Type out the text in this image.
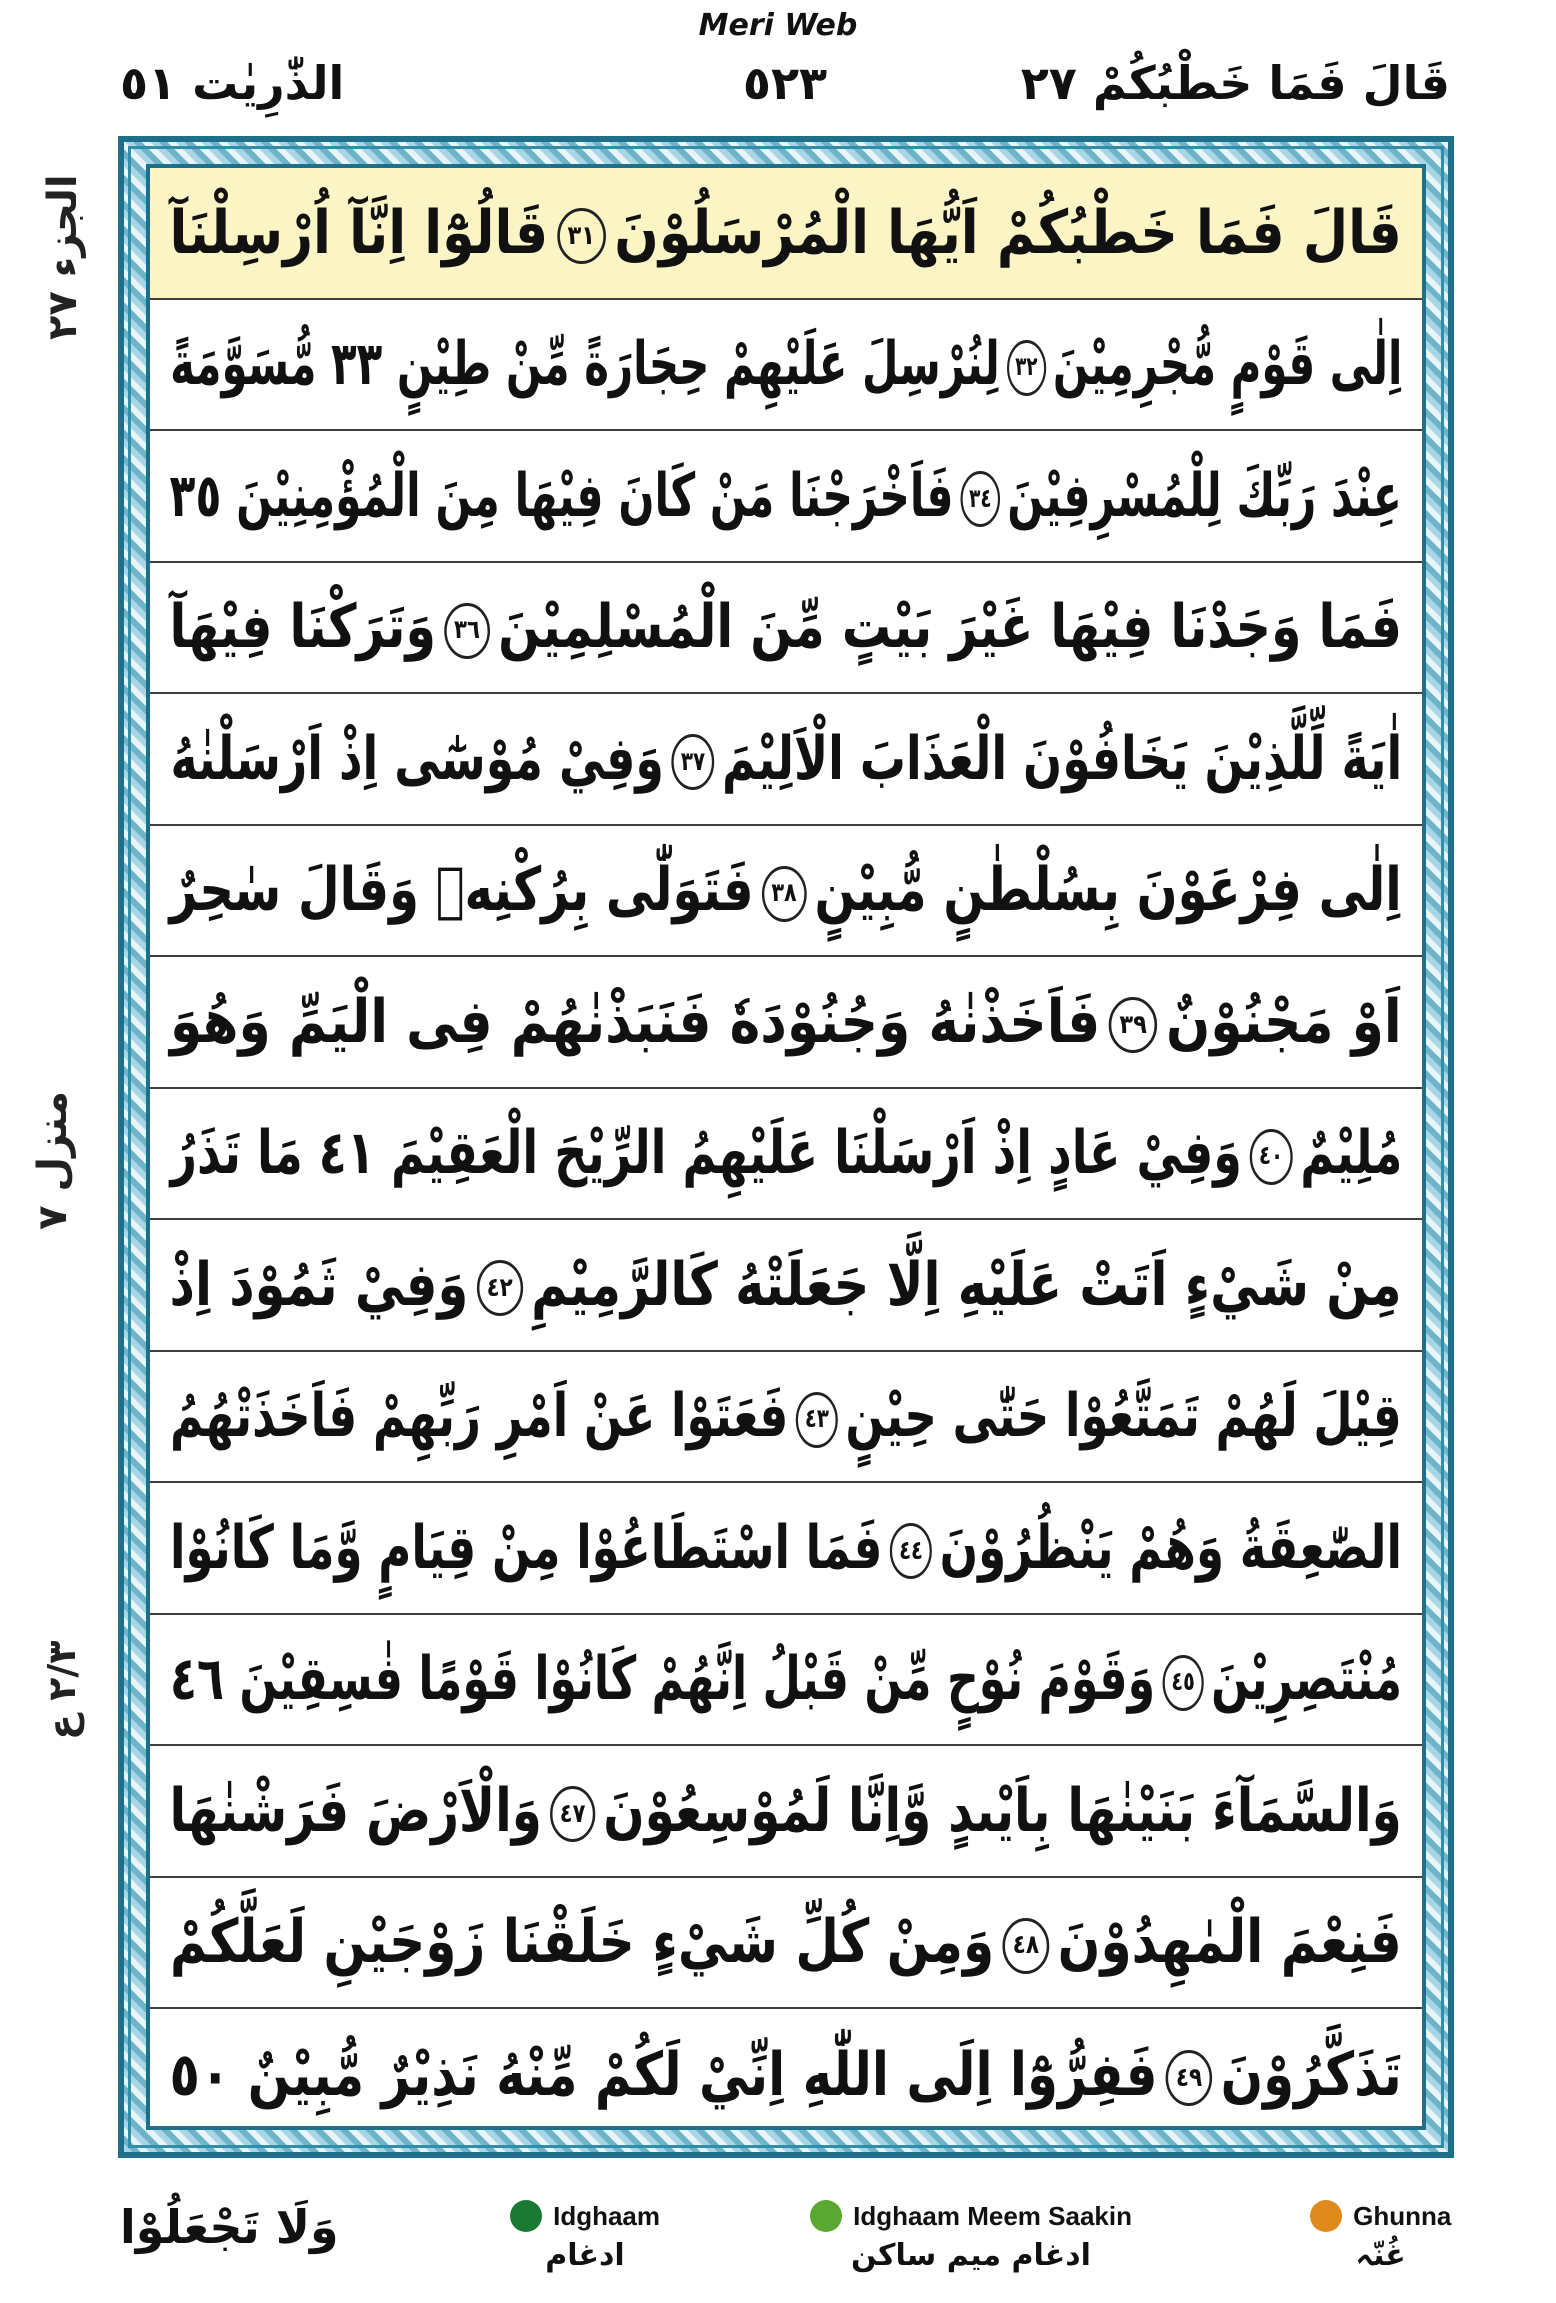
Meri Web
قَالَ فَمَا خَطْبُكُمْ ٢٧
٥٢٣
الذّٰرِيٰت ٥١
الجزء ٢٧
منزل ٧
٢/٣ ع
قَالَ فَمَا خَطْبُكُمْ اَيُّهَا الْمُرْسَلُوْنَ٣١قَالُوْٓا اِنَّآ اُرْسِلْنَآ
اِلٰى قَوْمٍ مُّجْرِمِيْنَ٣٢لِنُرْسِلَ عَلَيْهِمْ حِجَارَةً مِّنْ طِيْنٍ ٣٣ مُّسَوَّمَةً
عِنْدَ رَبِّكَ لِلْمُسْرِفِيْنَ٣٤فَاَخْرَجْنَا مَنْ كَانَ فِيْهَا مِنَ الْمُؤْمِنِيْنَ ٣٥
فَمَا وَجَدْنَا فِيْهَا غَيْرَ بَيْتٍ مِّنَ الْمُسْلِمِيْنَ٣٦وَتَرَكْنَا فِيْهَآ
اٰيَةً لِّلَّذِيْنَ يَخَافُوْنَ الْعَذَابَ الْاَلِيْمَ٣٧وَفِيْ مُوْسٰٓى اِذْ اَرْسَلْنٰهُ
اِلٰى فِرْعَوْنَ بِسُلْطٰنٍ مُّبِيْنٍ٣٨فَتَوَلّٰى بِرُكْنِهٖ وَقَالَ سٰحِرٌ
اَوْ مَجْنُوْنٌ٣٩فَاَخَذْنٰهُ وَجُنُوْدَهٗ فَنَبَذْنٰهُمْ فِى الْيَمِّ وَهُوَ
مُلِيْمٌ٤٠وَفِيْ عَادٍ اِذْ اَرْسَلْنَا عَلَيْهِمُ الرِّيْحَ الْعَقِيْمَ ٤١ مَا تَذَرُ
مِنْ شَيْءٍ اَتَتْ عَلَيْهِ اِلَّا جَعَلَتْهُ كَالرَّمِيْمِ٤٢وَفِيْ ثَمُوْدَ اِذْ
قِيْلَ لَهُمْ تَمَتَّعُوْا حَتّٰى حِيْنٍ٤٣فَعَتَوْا عَنْ اَمْرِ رَبِّهِمْ فَاَخَذَتْهُمُ
الصّٰعِقَةُ وَهُمْ يَنْظُرُوْنَ٤٤فَمَا اسْتَطَاعُوْا مِنْ قِيَامٍ وَّمَا كَانُوْا
مُنْتَصِرِيْنَ٤٥وَقَوْمَ نُوْحٍ مِّنْ قَبْلُ اِنَّهُمْ كَانُوْا قَوْمًا فٰسِقِيْنَ ٤٦
وَالسَّمَآءَ بَنَيْنٰهَا بِاَيْىدٍ وَّاِنَّا لَمُوْسِعُوْنَ٤٧وَالْاَرْضَ فَرَشْنٰهَا
فَنِعْمَ الْمٰهِدُوْنَ٤٨وَمِنْ كُلِّ شَيْءٍ خَلَقْنَا زَوْجَيْنِ لَعَلَّكُمْ
تَذَكَّرُوْنَ٤٩فَفِرُّوْٓا اِلَى اللّٰهِ اِنِّيْ لَكُمْ مِّنْهُ نَذِيْرٌ مُّبِيْنٌ ٥٠
وَلَا تَجْعَلُوْا	Idghaam
ادغام
Idghaam Meem Saakin
ادغام میم ساکن
Ghunna
غُنّہ
